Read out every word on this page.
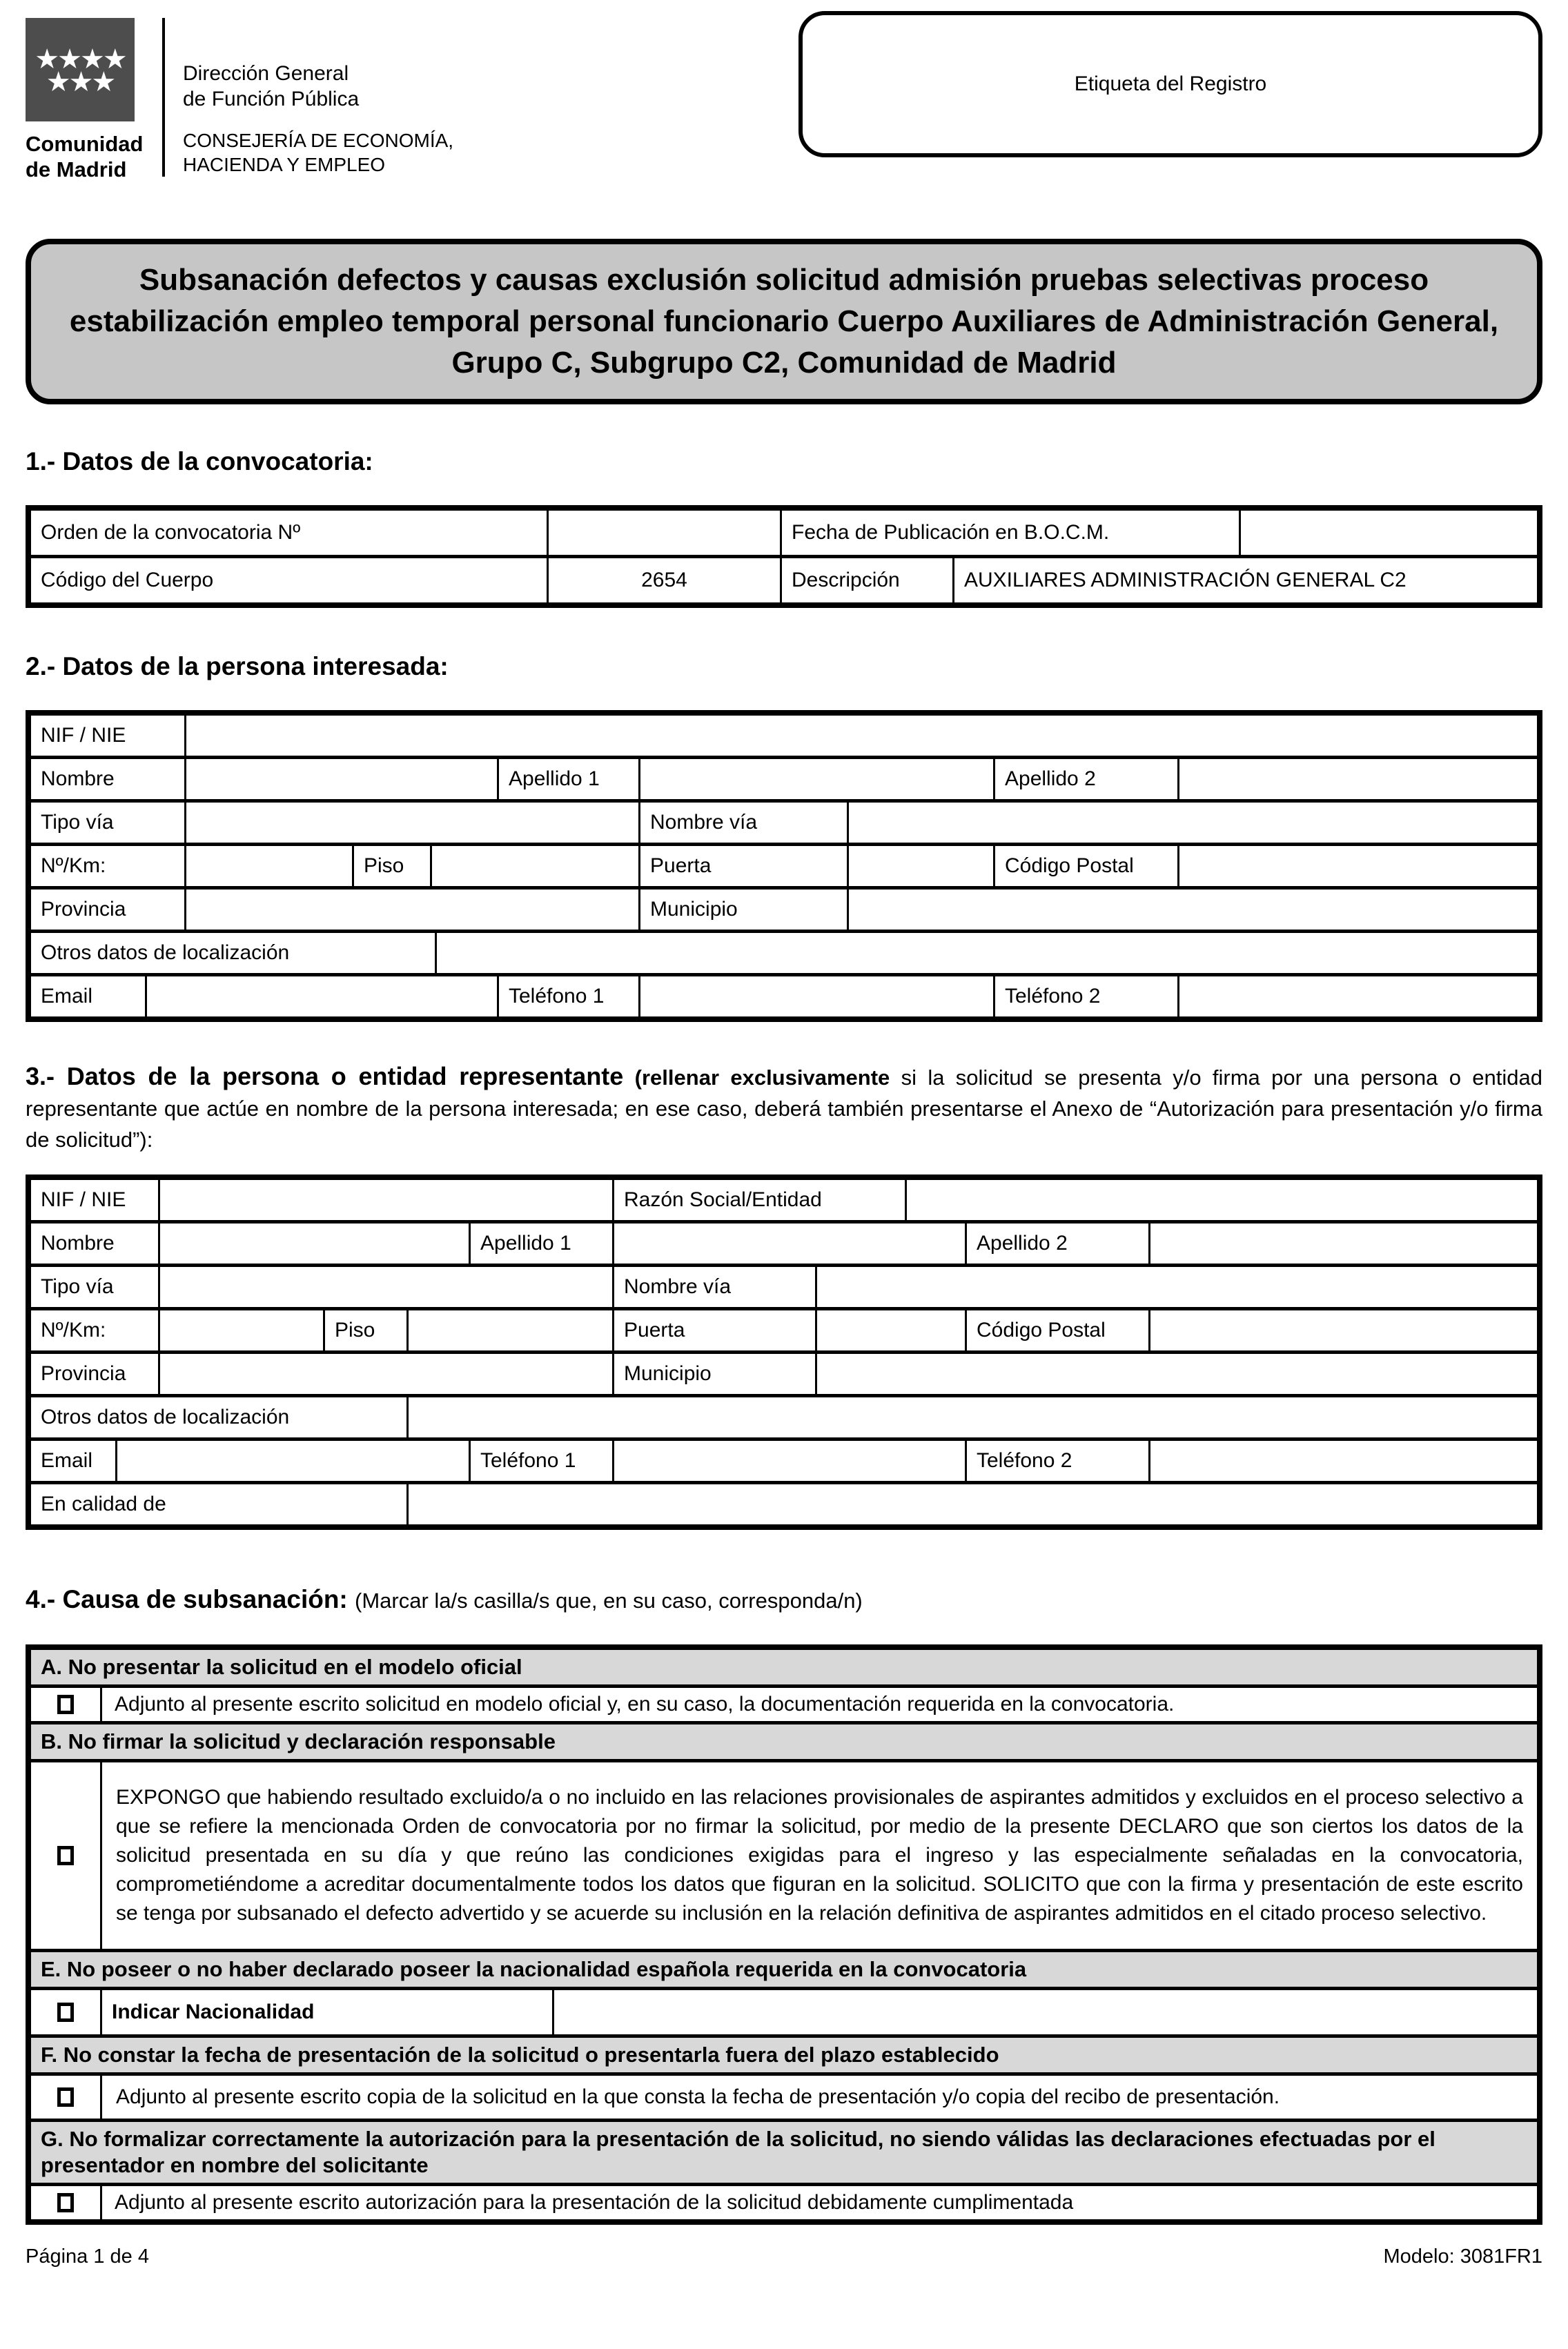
★★★★
★★★
Comunidad
de Madrid
Dirección General
de Función Pública
CONSEJERÍA DE ECONOMÍA,
HACIENDA Y EMPLEO
Etiqueta del Registro
Subsanación defectos y causas exclusión solicitud admisión pruebas selectivas proceso estabilización empleo temporal personal funcionario Cuerpo Auxiliares de Administración General, Grupo C, Subgrupo C2, Comunidad de Madrid
1.- Datos de la convocatoria:
Orden de la convocatoria Nº	Fecha de Publicación en B.O.C.M.
Código del Cuerpo	2654	Descripción	AUXILIARES ADMINISTRACIÓN GENERAL C2
2.- Datos de la persona interesada:
NIF / NIE
Nombre	Apellido 1	Apellido 2
Tipo vía	Nombre vía
Nº/Km:	Piso	Puerta	Código Postal
Provincia	Municipio
Otros datos de localización
Email	Teléfono 1	Teléfono 2

3.- Datos de la persona o entidad representante (rellenar exclusivamente si la solicitud se presenta y/o firma por una persona o entidad representante que actúe en nombre de la persona interesada; en ese caso, deberá también presentarse el Anexo de “Autorización para presentación y/o firma de solicitud”):

NIF / NIE	Razón Social/Entidad
Nombre	Apellido 1	Apellido 2
Tipo vía	Nombre vía
Nº/Km:	Piso	Puerta	Código Postal
Provincia	Municipio
Otros datos de localización
Email	Teléfono 1	Teléfono 2
En calidad de
4.- Causa de subsanación: (Marcar la/s casilla/s que, en su caso, corresponda/n)
A. No presentar la solicitud en el modelo oficial
Adjunto al presente escrito solicitud en modelo oficial y, en su caso, la documentación requerida en la convocatoria.
B. No firmar la solicitud y declaración responsable
EXPONGO que habiendo resultado excluido/a o no incluido en las relaciones provisionales de aspirantes admitidos y excluidos en el proceso selectivo a que se refiere la mencionada Orden de convocatoria por no firmar la solicitud, por medio de la presente DECLARO que son ciertos los datos de la solicitud presentada en su día y que reúno las condiciones exigidas para el ingreso y las especialmente señaladas en la convocatoria, comprometiéndome a acreditar documentalmente todos los datos que figuran en la solicitud. SOLICITO que con la firma y presentación de este escrito se tenga por subsanado el defecto advertido y se acuerde su inclusión en la relación definitiva de aspirantes admitidos en el citado proceso selectivo.
E. No poseer o no haber declarado poseer la nacionalidad española requerida en la convocatoria
Indicar Nacionalidad
F. No constar la fecha de presentación de la solicitud o presentarla fuera del plazo establecido
Adjunto al presente escrito copia de la solicitud en la que consta la fecha de presentación y/o copia del recibo de presentación.
G. No formalizar correctamente la autorización para la presentación de la solicitud, no siendo válidas las declaraciones efectuadas por el presentador en nombre del solicitante
Adjunto al presente escrito autorización para la presentación de la solicitud debidamente cumplimentada
Página 1 de 4	Modelo: 3081FR1
